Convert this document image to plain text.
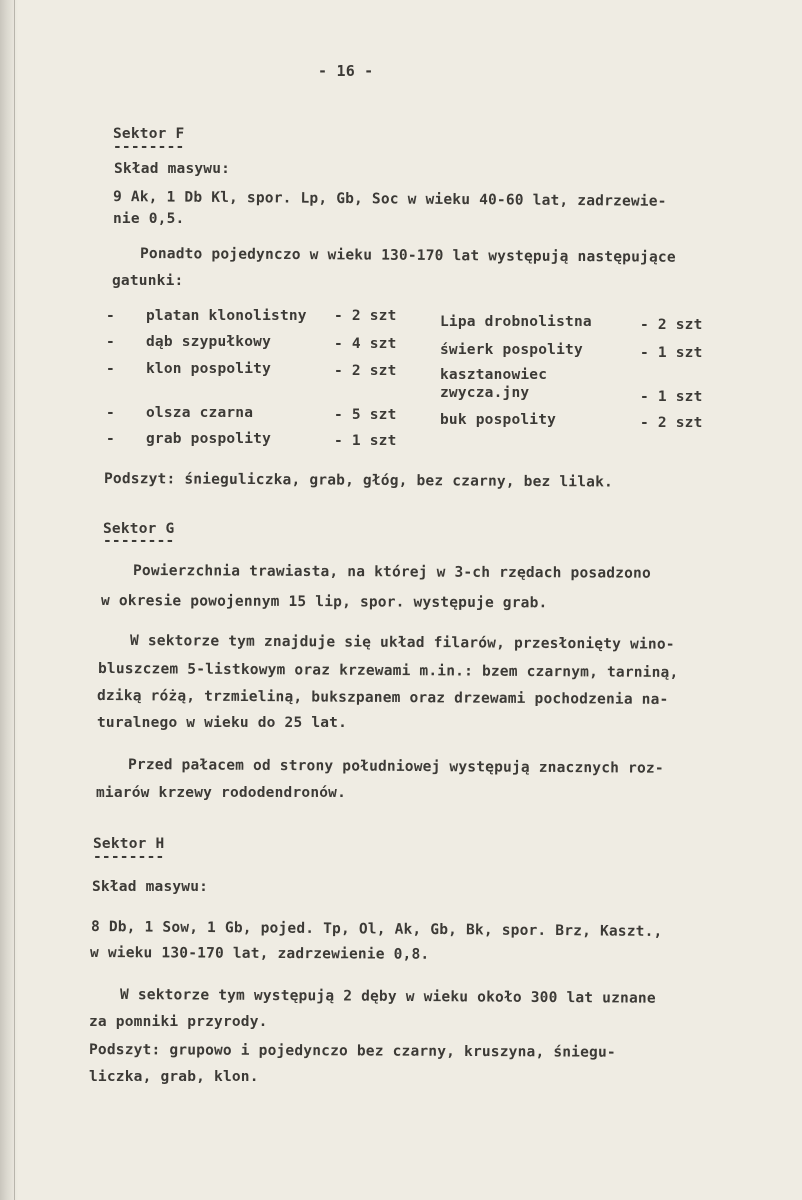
- 16 -
Sektor F
--------
Skład masywu:
9 Ak, 1 Db Kl, spor. Lp, Gb, Soc w wieku 40-60 lat, zadrzewie-
nie 0,5.
Ponadto pojedynczo w wieku 130-170 lat występują następujące
gatunki:
- platan klonolistny - 2 szt
- dąb szypułkowy	- 4 szt
- klon pospolity	- 2 szt
- olsza czarna	- 5 szt
- grab pospolity	- 1 szt
Lipa drobnolistna	- 2 szt
świerk pospolity	- 1 szt
kasztanowiec
zwycza.jny	- 1 szt
buk pospolity	- 2 szt
Podszyt: śnieguliczka, grab, głóg, bez czarny, bez lilak.
Sektor G
--------
Powierzchnia trawiasta, na której w 3-ch rzędach posadzono
w okresie powojennym 15 lip, spor. występuje grab.
W sektorze tym znajduje się układ filarów, przesłonięty wino-
bluszczem 5-listkowym oraz krzewami m.in.: bzem czarnym, tarniną,
dziką różą, trzmieliną, bukszpanem oraz drzewami pochodzenia na-
turalnego w wieku do 25 lat.
Przed pałacem od strony południowej występują znacznych roz-
miarów krzewy rododendronów.
Sektor H
--------
Skład masywu:
8 Db, 1 Sow, 1 Gb, pojed. Tp, Ol, Ak, Gb, Bk, spor. Brz, Kaszt.,
w wieku 130-170 lat, zadrzewienie 0,8.
W sektorze tym występują 2 dęby w wieku około 300 lat uznane
za pomniki przyrody.
Podszyt: grupowo i pojedynczo bez czarny, kruszyna, śniegu-
liczka, grab, klon.
